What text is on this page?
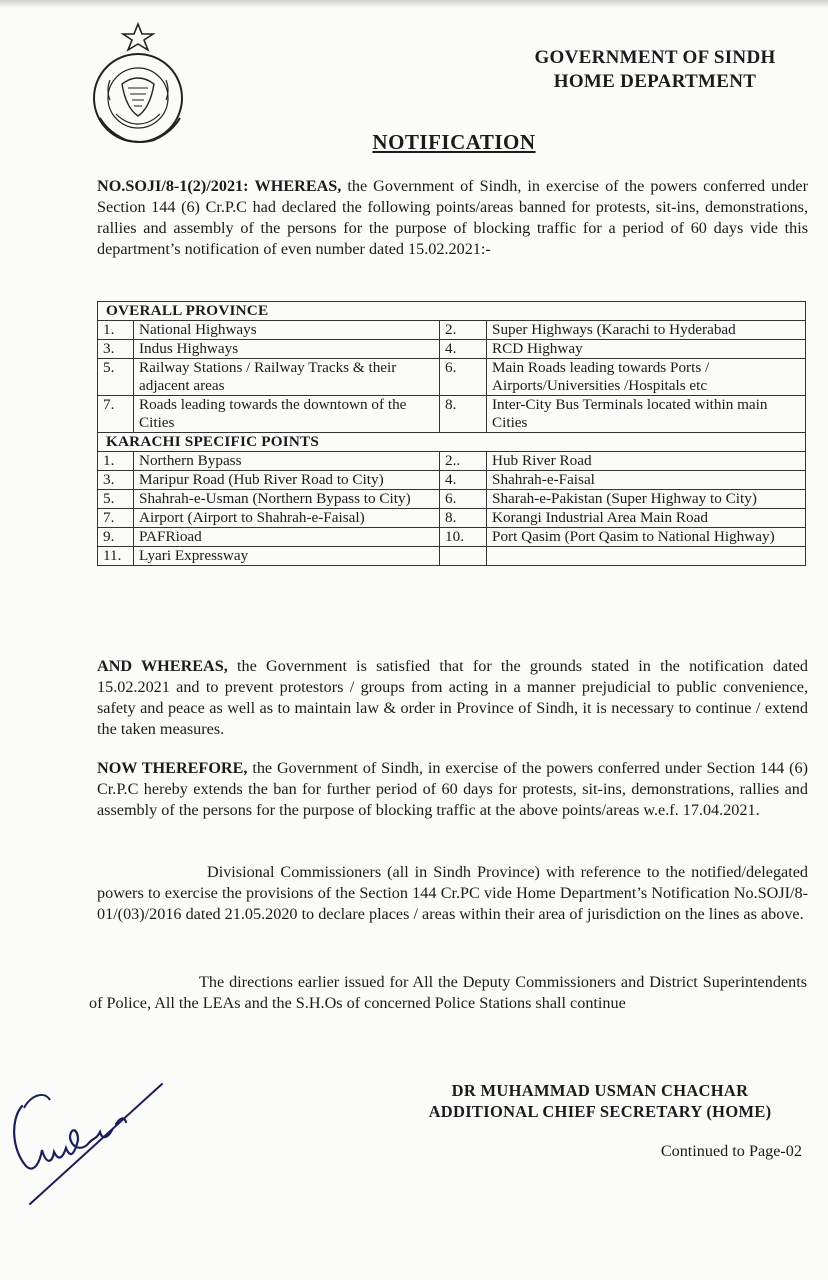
GOVERNMENT OF SINDH
HOME DEPARTMENT
NOTIFICATION
NO.SOJI/8-1(2)/2021: WHEREAS, the Government of Sindh, in exercise of the powers conferred under Section 144 (6) Cr.P.C had declared the following points/areas banned for protests, sit-ins, demonstrations, rallies and assembly of the persons for the purpose of blocking traffic for a period of 60 days vide this department’s notification of even number dated 15.02.2021:-
OVERALL PROVINCE			
1.	National Highways	2.	Super Highways (Karachi to Hyderabad
3.	Indus Highways	4.	RCD Highway
5.	Railway Stations / Railway Tracks & their adjacent areas	6.	Main Roads leading towards Ports / Airports/Universities /Hospitals etc
7.	Roads leading towards the downtown of the Cities	8.	Inter-City Bus Terminals located within main Cities
KARACHI SPECIFIC POINTS			
1.	Northern Bypass	2..	Hub River Road
3.	Maripur Road (Hub River Road to City)	4.	Shahrah-e-Faisal
5.	Shahrah-e-Usman (Northern Bypass to City)	6.	Sharah-e-Pakistan (Super Highway to City)
7.	Airport (Airport to Shahrah-e-Faisal)	8.	Korangi Industrial Area Main Road
9.	PAFRioad	10.	Port Qasim (Port Qasim to National Highway)
11.	Lyari Expressway		
AND WHEREAS, the Government is satisfied that for the grounds stated in the notification dated 15.02.2021 and to prevent protestors / groups from acting in a manner prejudicial to public convenience, safety and peace as well as to maintain law & order in Province of Sindh, it is necessary to continue / extend the taken measures.
NOW THEREFORE, the Government of Sindh, in exercise of the powers conferred under Section 144 (6) Cr.P.C hereby extends the ban for further period of 60 days for protests, sit-ins, demonstrations, rallies and assembly of the persons for the purpose of blocking traffic at the above points/areas w.e.f. 17.04.2021.
Divisional Commissioners (all in Sindh Province) with reference to the notified/delegated powers to exercise the provisions of the Section 144 Cr.PC vide Home Department’s Notification No.SOJI/8-01/(03)/2016 dated 21.05.2020 to declare places / areas within their area of jurisdiction on the lines as above.
The directions earlier issued for All the Deputy Commissioners and District Superintendents of Police, All the LEAs and the S.H.Os of concerned Police Stations shall continue
DR MUHAMMAD USMAN CHACHAR
ADDITIONAL CHIEF SECRETARY (HOME)
Continued to Page-02
